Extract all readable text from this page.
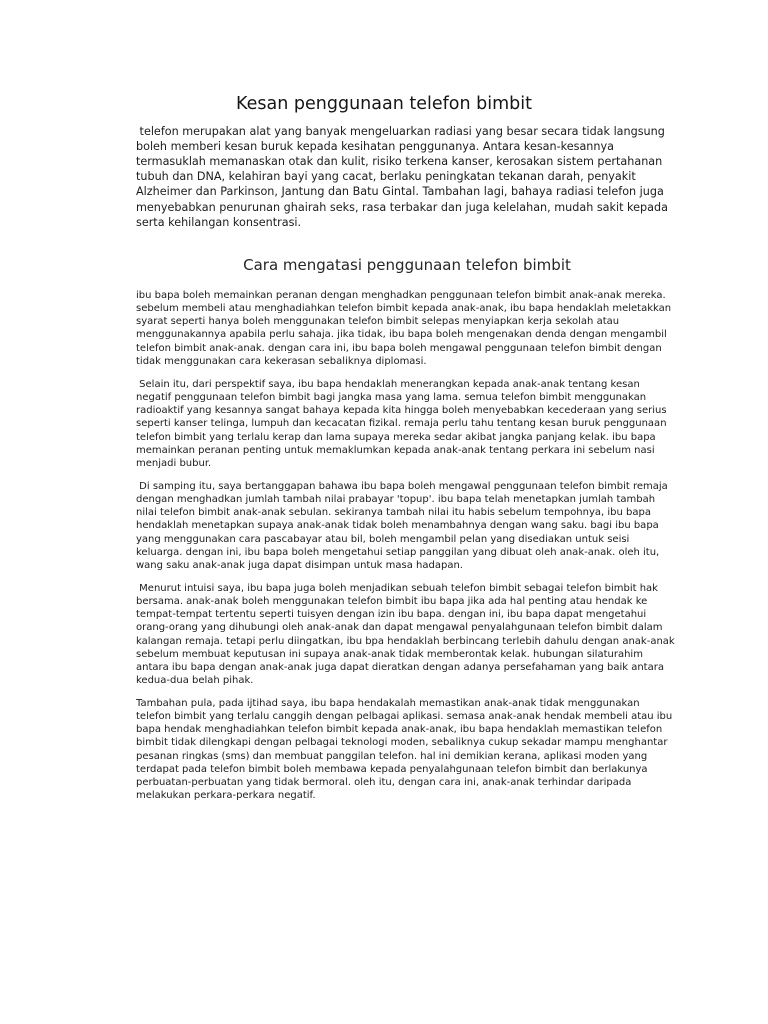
Kesan penggunaan telefon bimbit
telefon merupakan alat yang banyak mengeluarkan radiasi yang besar secara tidak langsung
boleh memberi kesan buruk kepada kesihatan penggunanya. Antara kesan-kesannya
termasuklah memanaskan otak dan kulit, risiko terkena kanser, kerosakan sistem pertahanan
tubuh dan DNA, kelahiran bayi yang cacat, berlaku peningkatan tekanan darah, penyakit
Alzheimer dan Parkinson, Jantung dan Batu Gintal. Tambahan lagi, bahaya radiasi telefon juga
menyebabkan penurunan ghairah seks, rasa terbakar dan juga kelelahan, mudah sakit kepada
serta kehilangan konsentrasi.
Cara mengatasi penggunaan telefon bimbit
ibu bapa boleh memainkan peranan dengan menghadkan penggunaan telefon bimbit anak-anak mereka.
sebelum membeli atau menghadiahkan telefon bimbit kepada anak-anak, ibu bapa hendaklah meletakkan
syarat seperti hanya boleh menggunakan telefon bimbit selepas menyiapkan kerja sekolah atau
menggunakannya apabila perlu sahaja. jika tidak, ibu bapa boleh mengenakan denda dengan mengambil
telefon bimbit anak-anak. dengan cara ini, ibu bapa boleh mengawal penggunaan telefon bimbit dengan
tidak menggunakan cara kekerasan sebaliknya diplomasi.
Selain itu, dari perspektif saya, ibu bapa hendaklah menerangkan kepada anak-anak tentang kesan
negatif penggunaan telefon bimbit bagi jangka masa yang lama. semua telefon bimbit menggunakan
radioaktif yang kesannya sangat bahaya kepada kita hingga boleh menyebabkan kecederaan yang serius
seperti kanser telinga, lumpuh dan kecacatan fizikal. remaja perlu tahu tentang kesan buruk penggunaan
telefon bimbit yang terlalu kerap dan lama supaya mereka sedar akibat jangka panjang kelak. ibu bapa
memainkan peranan penting untuk memaklumkan kepada anak-anak tentang perkara ini sebelum nasi
menjadi bubur.
Di samping itu, saya bertanggapan bahawa ibu bapa boleh mengawal penggunaan telefon bimbit remaja
dengan menghadkan jumlah tambah nilai prabayar 'topup'. ibu bapa telah menetapkan jumlah tambah
nilai telefon bimbit anak-anak sebulan. sekiranya tambah nilai itu habis sebelum tempohnya, ibu bapa
hendaklah menetapkan supaya anak-anak tidak boleh menambahnya dengan wang saku. bagi ibu bapa
yang menggunakan cara pascabayar atau bil, boleh mengambil pelan yang disediakan untuk seisi
keluarga. dengan ini, ibu bapa boleh mengetahui setiap panggilan yang dibuat oleh anak-anak. oleh itu,
wang saku anak-anak juga dapat disimpan untuk masa hadapan.
Menurut intuisi saya, ibu bapa juga boleh menjadikan sebuah telefon bimbit sebagai telefon bimbit hak
bersama. anak-anak boleh menggunakan telefon bimbit ibu bapa jika ada hal penting atau hendak ke
tempat-tempat tertentu seperti tuisyen dengan izin ibu bapa. dengan ini, ibu bapa dapat mengetahui
orang-orang yang dihubungi oleh anak-anak dan dapat mengawal penyalahgunaan telefon bimbit dalam
kalangan remaja. tetapi perlu diingatkan, ibu bpa hendaklah berbincang terlebih dahulu dengan anak-anak
sebelum membuat keputusan ini supaya anak-anak tidak memberontak kelak. hubungan silaturahim
antara ibu bapa dengan anak-anak juga dapat dieratkan dengan adanya persefahaman yang baik antara
kedua-dua belah pihak.
Tambahan pula, pada ijtihad saya, ibu bapa hendakalah memastikan anak-anak tidak menggunakan
telefon bimbit yang terlalu canggih dengan pelbagai aplikasi. semasa anak-anak hendak membeli atau ibu
bapa hendak menghadiahkan telefon bimbit kepada anak-anak, ibu bapa hendaklah memastikan telefon
bimbit tidak dilengkapi dengan pelbagai teknologi moden, sebaliknya cukup sekadar mampu menghantar
pesanan ringkas (sms) dan membuat panggilan telefon. hal ini demikian kerana, aplikasi moden yang
terdapat pada telefon bimbit boleh membawa kepada penyalahgunaan telefon bimbit dan berlakunya
perbuatan-perbuatan yang tidak bermoral. oleh itu, dengan cara ini, anak-anak terhindar daripada
melakukan perkara-perkara negatif.
